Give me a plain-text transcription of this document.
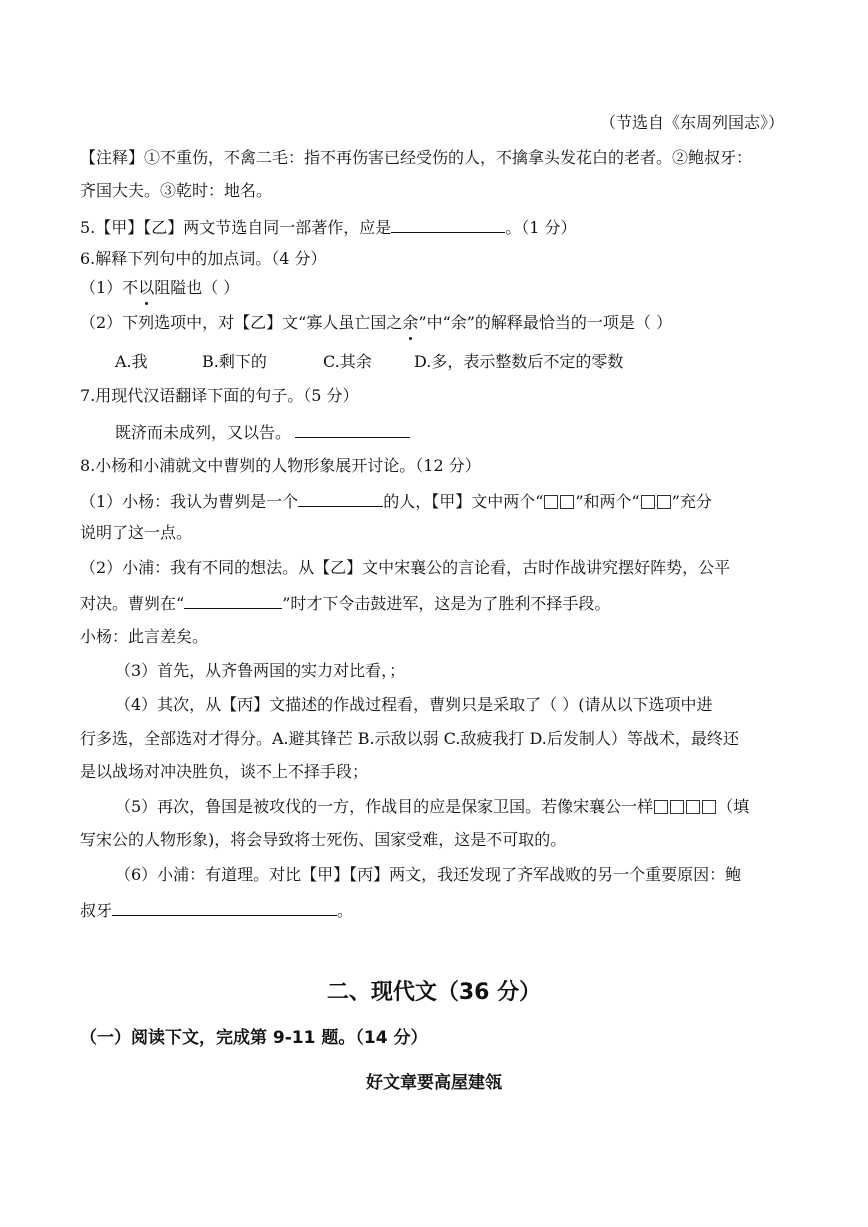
（节选自《东周列国志》）
【注释】①不重伤，不禽二毛：指不再伤害已经受伤的人，不擒拿头发花白的老者。②鲍叔牙：
齐国大夫。③乾时：地名。
5.【甲】【乙】两文节选自同一部著作，应是	。（1 分）
6.解释下列句中的加点词。（4 分）
（1）不以阻隘也（ ）
（2）下列选项中，对【乙】文“寡人虽亡国之余”中“余”的解释最恰当的一项是（ ）
A.我	B.剩下的	C.其余	D.多，表示整数后不定的零数
7.用现代汉语翻译下面的句子。（5 分）
既济而未成列，又以告。
8.小杨和小浦就文中曹刿的人物形象展开讨论。（12 分）
（1）小杨：我认为曹刿是一个	的人，【甲】文中两个“ ”和两个“ ”充分
说明了这一点。
（2）小浦：我有不同的想法。从【乙】文中宋襄公的言论看，古时作战讲究摆好阵势，公平
对决。曹刿在“	”时才下令击鼓进军，这是为了胜利不择手段。
小杨：此言差矣。
（3）首先，从齐鲁两国的实力对比看，；
（4）其次，从【丙】文描述的作战过程看，曹刿只是采取了（ ）(请从以下选项中进
行多选，全部选对才得分。A.避其锋芒 B.示敌以弱 C.敌疲我打 D.后发制人）等战术，最终还
是以战场对冲决胜负，谈不上不择手段；
（5）再次，鲁国是被攻伐的一方，作战目的应是保家卫国。若像宋襄公一样	（填
写宋公的人物形象)，将会导致将士死伤、国家受难，这是不可取的。
（6）小浦：有道理。对比【甲】【丙】两文，我还发现了齐军战败的另一个重要原因：鲍
叔牙	。
二、现代文（36 分）
（一）阅读下文，完成第 9-11 题。（14 分）
好文章要高屋建瓴
